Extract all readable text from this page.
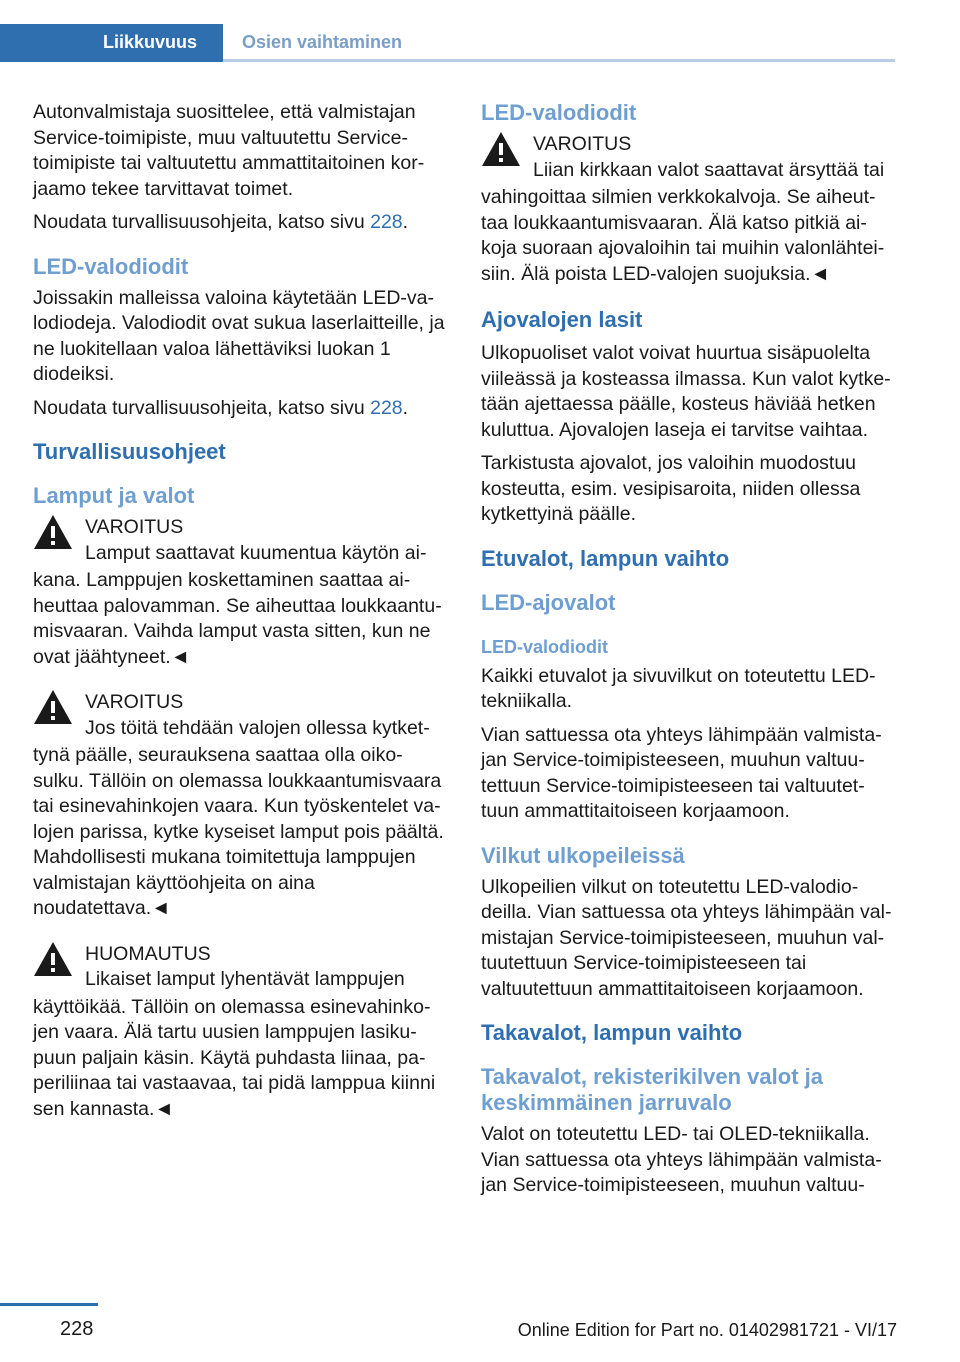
Liikkuvuus	Osien vaihtaminen

Autonvalmistaja suosittelee, että valmistajan Service-toimipiste, muu valtuutettu Service-toimipiste tai valtuutettu ammattitaitoinen kor-jaamo tekee tarvittavat toimet.

Noudata turvallisuusohjeita, katso sivu 228.

LED-valodiodit

Joissakin malleissa valoina käytetään LED-va-lodiodeja. Valodiodit ovat sukua laserlaitteille, ja ne luokitellaan valoa lähettäviksi luokan 1 diodeiksi.

Noudata turvallisuusohjeita, katso sivu 228.

Turvallisuusohjeet
Lamput ja valot
VAROITUS
Lamput saattavat kuumentua käytön ai-
kana. Lamppujen koskettaminen saattaa ai-heuttaa palovamman. Se aiheuttaa loukkaantu-misvaaran. Vaihda lamput vasta sitten, kun ne ovat jäähtyneet.◄
VAROITUS
Jos töitä tehdään valojen ollessa kytket-
tynä päälle, seurauksena saattaa olla oiko-sulku. Tällöin on olemassa loukkaantumisvaara tai esinevahinkojen vaara. Kun työskentelet va-lojen parissa, kytke kyseiset lamput pois päältä. Mahdollisesti mukana toimitettuja lamppujen valmistajan käyttöohjeita on aina noudatettava.◄
HUOMAUTUS
Likaiset lamput lyhentävät lamppujen
käyttöikää. Tällöin on olemassa esinevahinko-jen vaara. Älä tartu uusien lamppujen lasiku-puun paljain käsin. Käytä puhdasta liinaa, pa-periliinaa tai vastaavaa, tai pidä lamppua kiinni sen kannasta.◄
LED-valodiodit
VAROITUS
Liian kirkkaan valot saattavat ärsyttää tai
vahingoittaa silmien verkkokalvoja. Se aiheut-taa loukkaantumisvaaran. Älä katso pitkiä ai-koja suoraan ajovaloihin tai muihin valonlähtei-siin. Älä poista LED-valojen suojuksia.◄
Ajovalojen lasit

Ulkopuoliset valot voivat huurtua sisäpuolelta viileässä ja kosteassa ilmassa. Kun valot kytke-tään ajettaessa päälle, kosteus häviää hetken kuluttua. Ajovalojen laseja ei tarvitse vaihtaa.

Tarkistusta ajovalot, jos valoihin muodostuu kosteutta, esim. vesipisaroita, niiden ollessa kytkettyinä päälle.

Etuvalot, lampun vaihto
LED-ajovalot
LED-valodiodit

Kaikki etuvalot ja sivuvilkut on toteutettu LED-tekniikalla.

Vian sattuessa ota yhteys lähimpään valmista-jan Service-toimipisteeseen, muuhun valtuu-tettuun Service-toimipisteeseen tai valtuutet-tuun ammattitaitoiseen korjaamoon.

Vilkut ulkopeileissä

Ulkopeilien vilkut on toteutettu LED-valodio-deilla. Vian sattuessa ota yhteys lähimpään val-mistajan Service-toimipisteeseen, muuhun val-tuutettuun Service-toimipisteeseen tai valtuutettuun ammattitaitoiseen korjaamoon.

Takavalot, lampun vaihto
Takavalot, rekisterikilven valot ja keskimmäinen jarruvalo

Valot on toteutettu LED- tai OLED-tekniikalla. Vian sattuessa ota yhteys lähimpään valmista-jan Service-toimipisteeseen, muuhun valtuu-

228	Online Edition for Part no. 01402981721 - VI/17
